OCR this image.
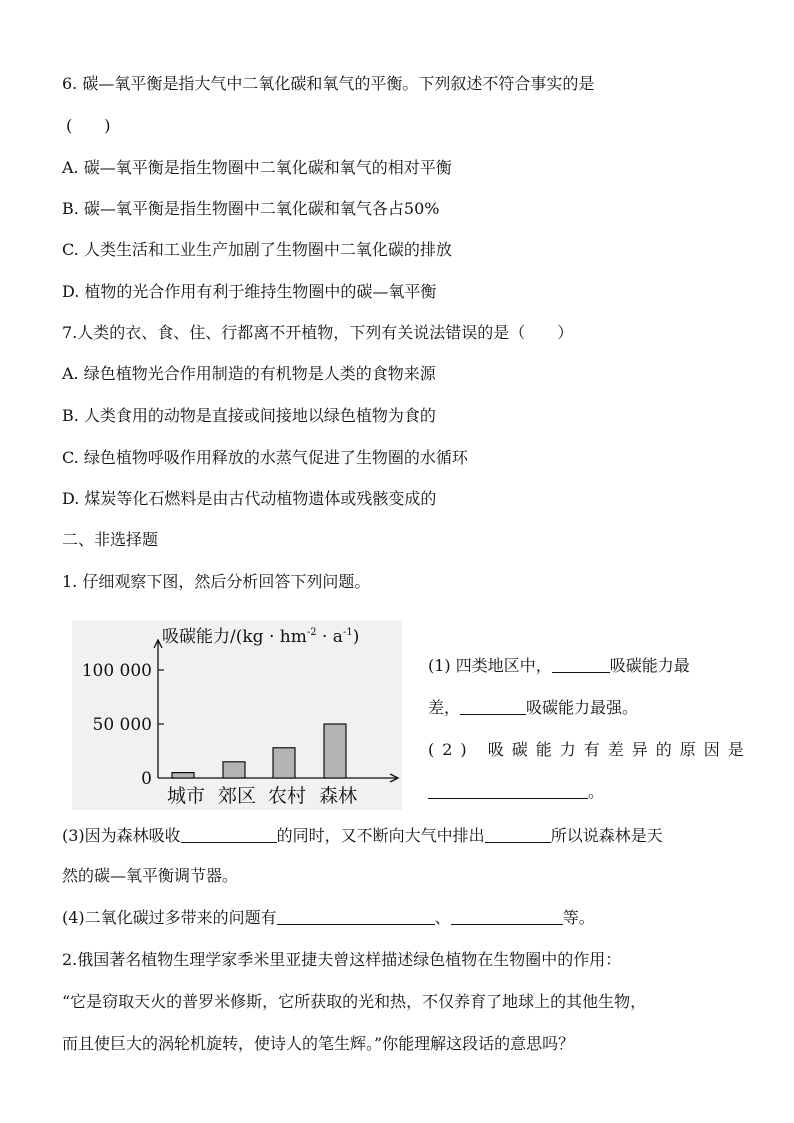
6. 碳—氧平衡是指大气中二氧化碳和氧气的平衡。下列叙述不符合事实的是
(　　)
A. 碳—氧平衡是指生物圈中二氧化碳和氧气的相对平衡
B. 碳—氧平衡是指生物圈中二氧化碳和氧气各占50%
C. 人类生活和工业生产加剧了生物圈中二氧化碳的排放
D. 植物的光合作用有利于维持生物圈中的碳—氧平衡
7.人类的衣、食、住、行都离不开植物，下列有关说法错误的是（　　）
A. 绿色植物光合作用制造的有机物是人类的食物来源
B. 人类食用的动物是直接或间接地以绿色植物为食的
C. 绿色植物呼吸作用释放的水蒸气促进了生物圈的水循环
D. 煤炭等化石燃料是由古代动植物遗体或残骸变成的
二、非选择题
1. 仔细观察下图，然后分析回答下列问题。
吸碳能力$/(kg \cdot hm^{-2} \cdot a^{-1})$
0
50 000
100 000
城市 郊区 农村 森林
(1) 四类地区中，	吸碳能力最
差，	吸碳能力最强。
(2) 吸碳能力有差异的原因是
。
(3)因为森林吸收	的同时，又不断向大气中排出	所以说森林是天
然的碳—氧平衡调节器。
(4)二氧化碳过多带来的问题有	、	等。
2.俄国著名植物生理学家季米里亚捷夫曾这样描述绿色植物在生物圈中的作用：
“它是窃取天火的普罗米修斯，它所获取的光和热，不仅养育了地球上的其他生物，
而且使巨大的涡轮机旋转，使诗人的笔生辉。”你能理解这段话的意思吗？
